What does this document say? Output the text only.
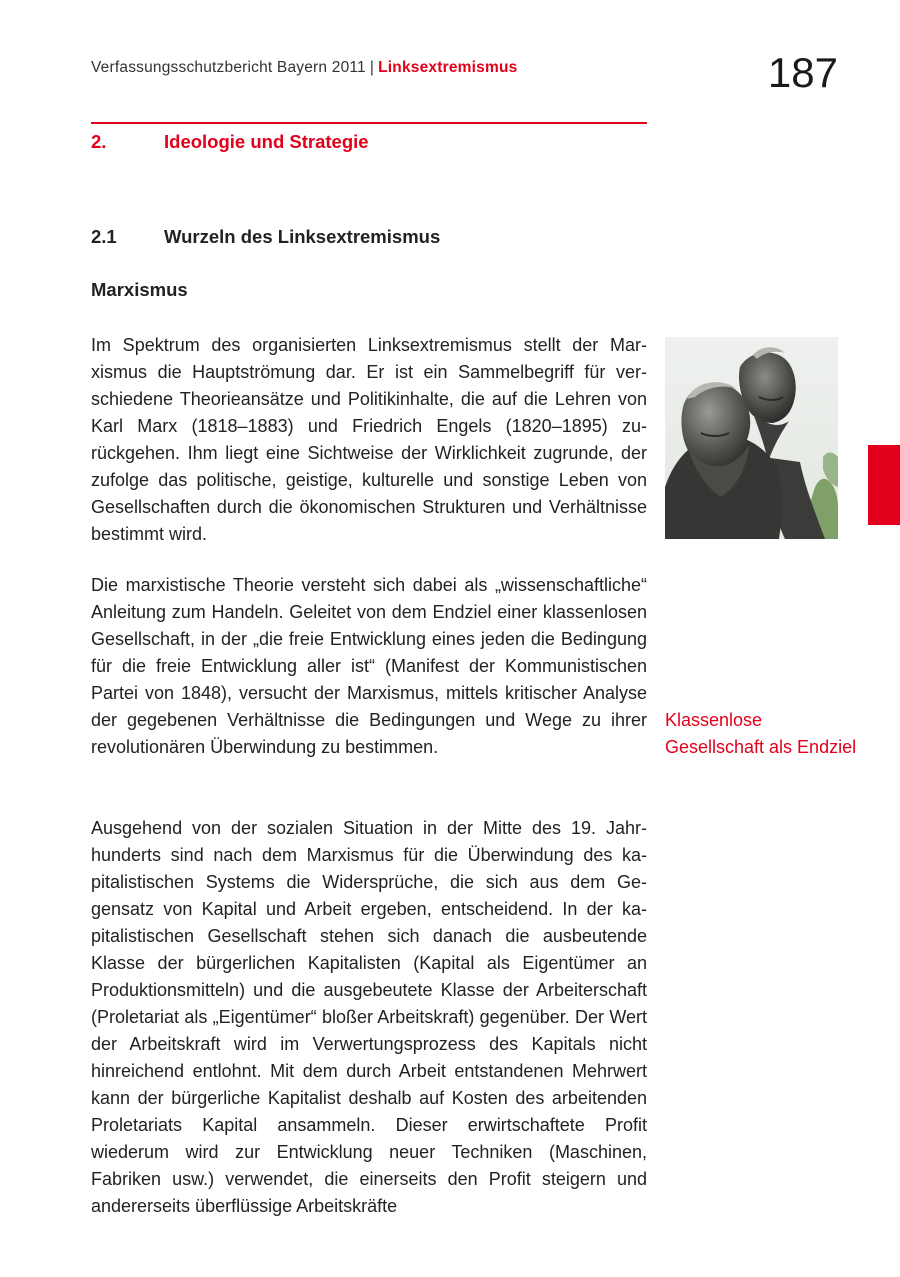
Verfassungsschutzbericht Bayern 2011 | Linksextremismus	187
2.	Ideologie und Strategie
2.1	Wurzeln des Linksextremismus
Marxismus

Im Spektrum des organisierten Linksextremismus stellt der Marxismus die Hauptströmung dar. Er ist ein Sammelbegriff für verschiedene Theorieansätze und Politikinhalte, die auf die Lehren von Karl Marx (1818–1883) und Friedrich Engels (1820–1895) zurückgehen. Ihm liegt eine Sichtweise der Wirklichkeit zugrunde, der zufolge das politische, geistige, kulturelle und sonstige Leben von Gesellschaften durch die ökonomischen Strukturen und Verhältnisse bestimmt wird.

Die marxistische Theorie versteht sich dabei als „wissenschaftliche“ Anleitung zum Handeln. Geleitet von dem Endziel einer klassenlosen Gesellschaft, in der „die freie Entwicklung eines jeden die Bedingung für die freie Entwicklung aller ist“ (Manifest der Kommunistischen Partei von 1848), versucht der Marxismus, mittels kritischer Analyse der gegebenen Verhältnisse die Bedingungen und Wege zu ihrer revolutionären Überwindung zu bestimmen.

Ausgehend von der sozialen Situation in der Mitte des 19. Jahrhunderts sind nach dem Marxismus für die Überwindung des kapitalistischen Systems die Widersprüche, die sich aus dem Gegensatz von Kapital und Arbeit ergeben, entscheidend. In der kapitalistischen Gesellschaft stehen sich danach die ausbeutende Klasse der bürgerlichen Kapitalisten (Kapital als Eigentümer an Produktionsmitteln) und die ausgebeutete Klasse der Arbeiterschaft (Proletariat als „Eigentümer“ bloßer Arbeitskraft) gegenüber. Der Wert der Arbeitskraft wird im Verwertungsprozess des Kapitals nicht hinreichend entlohnt. Mit dem durch Arbeit entstandenen Mehrwert kann der bürgerliche Kapitalist deshalb auf Kosten des arbeitenden Proletariats Kapital ansammeln. Dieser erwirtschaftete Profit wiederum wird zur Entwicklung neuer Techniken (Maschinen, Fabriken usw.) verwendet, die einerseits den Profit steigern und andererseits überflüssige Arbeitskräfte

Klassenlose Gesellschaft als Endziel
